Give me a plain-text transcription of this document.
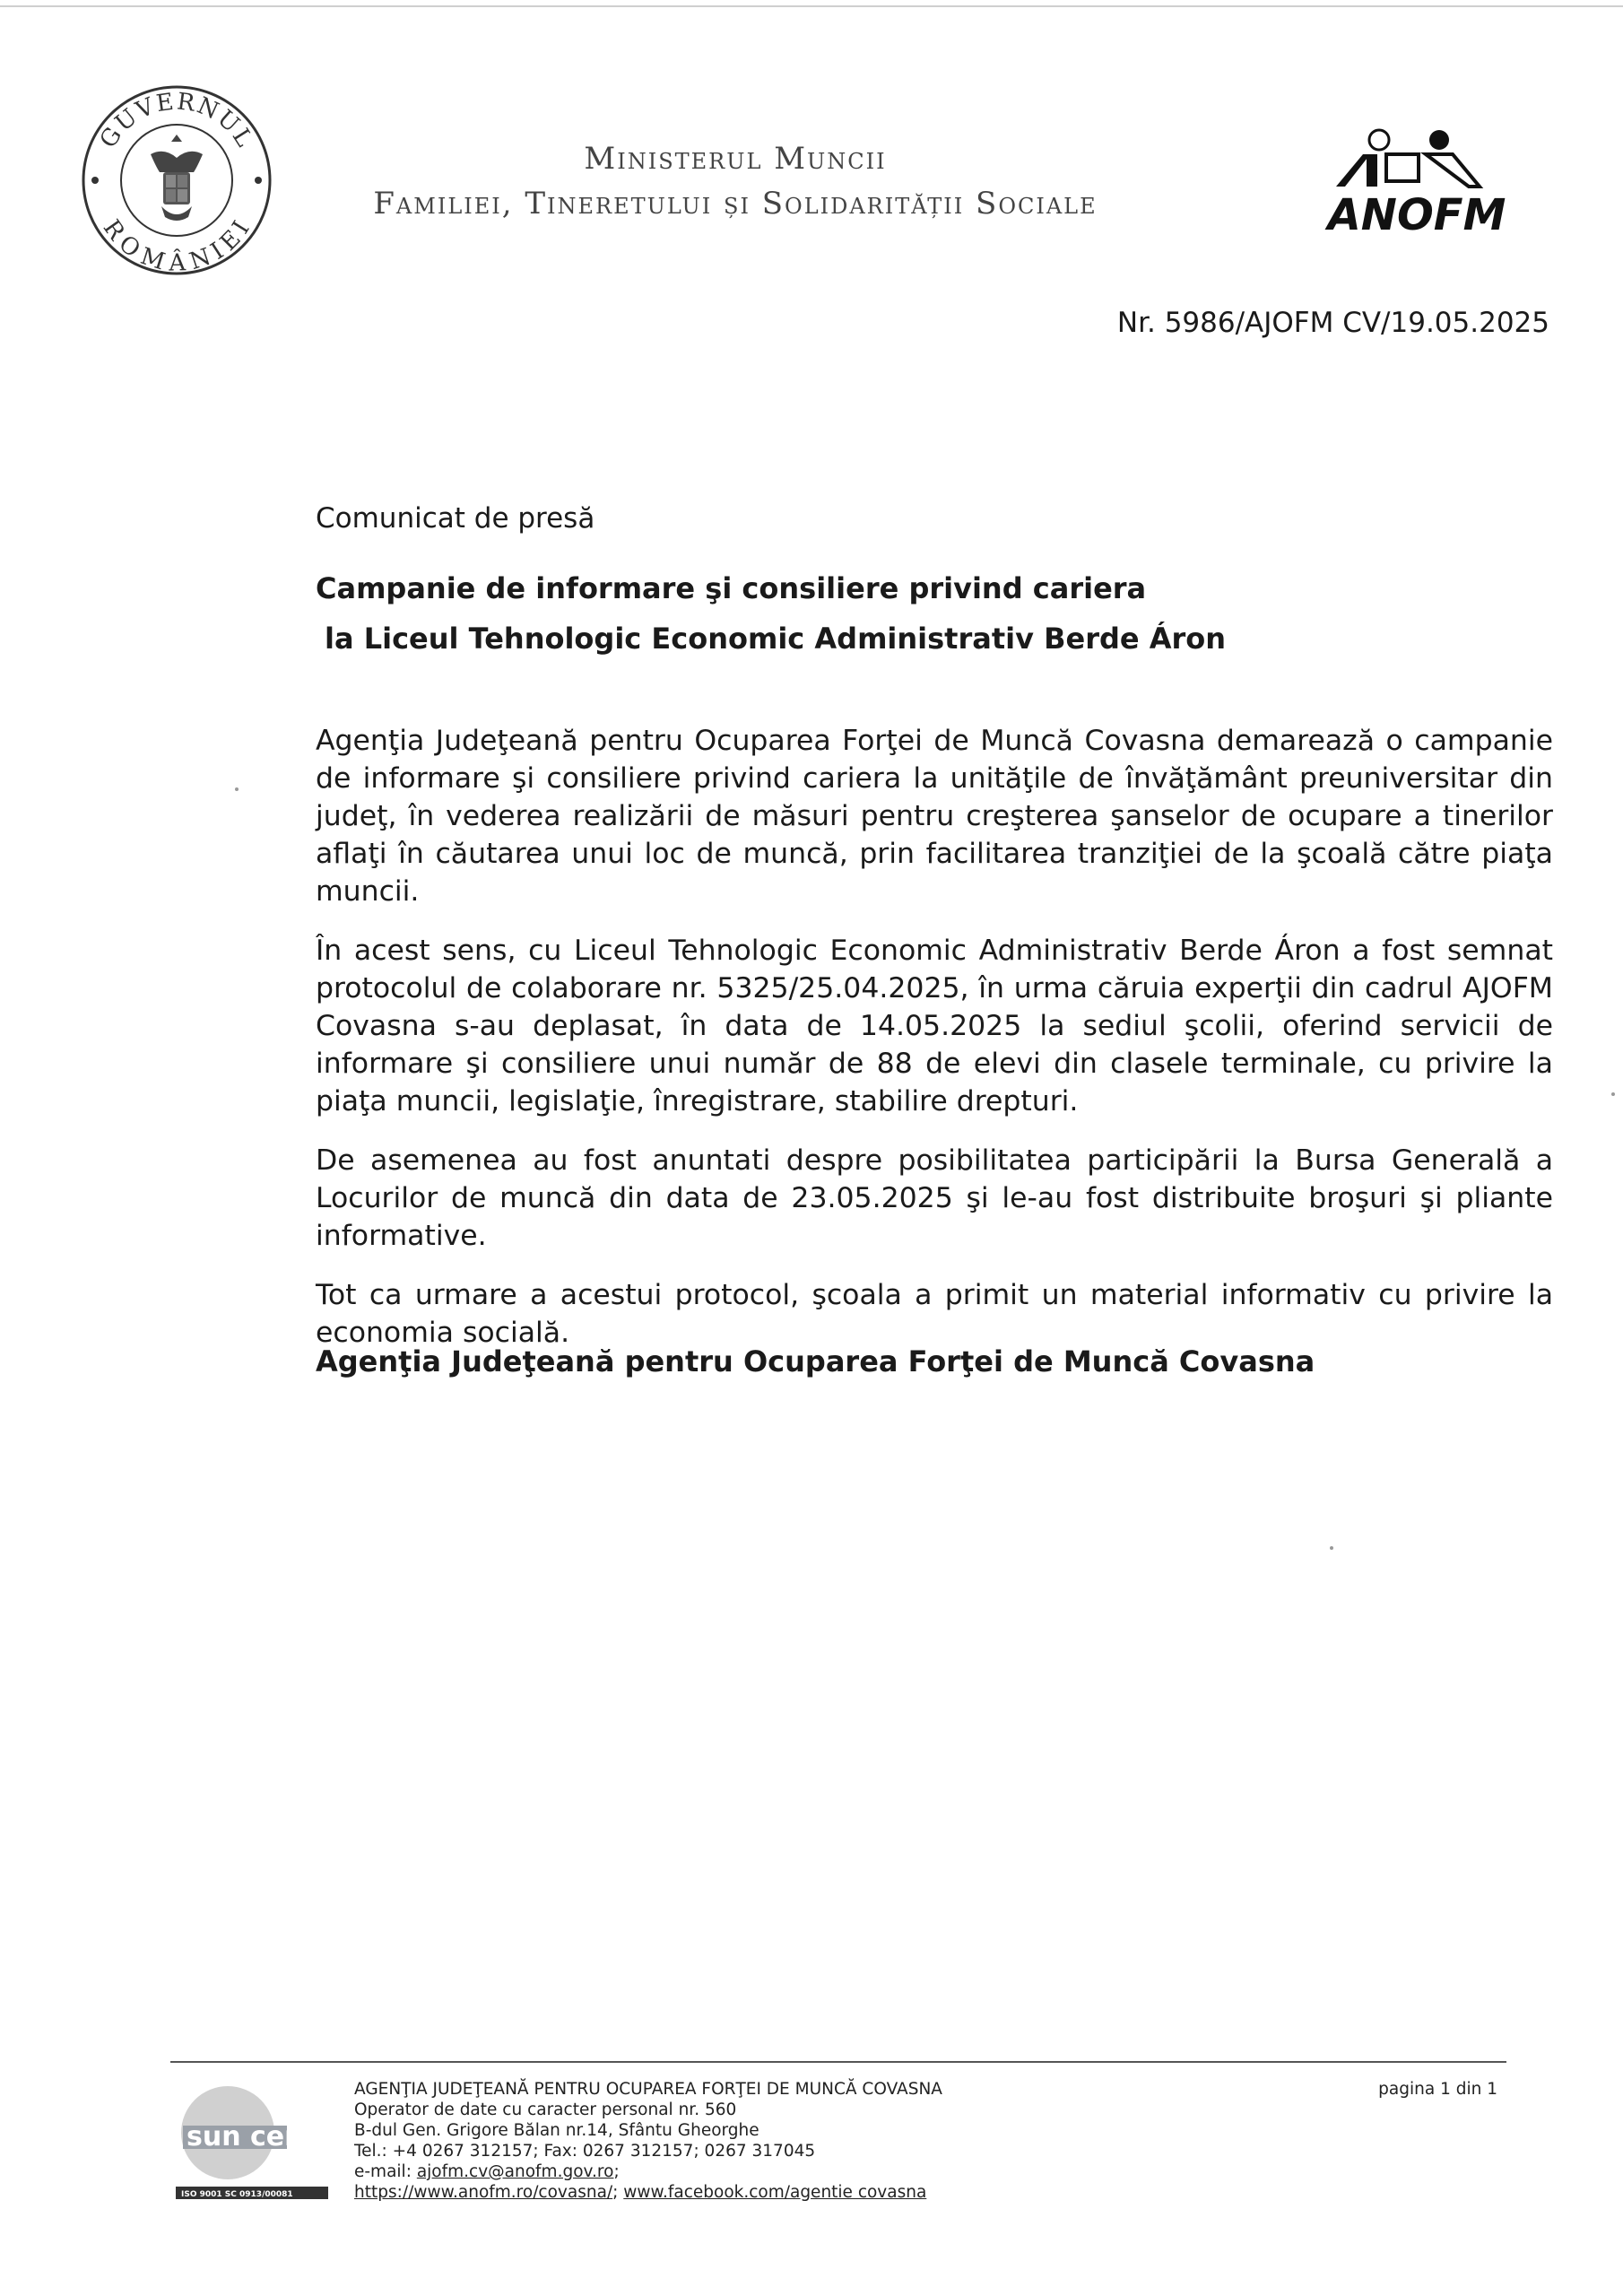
GUVERNUL
ROMÂNIEI
Ministerul Muncii
Familiei, Tineretului și Solidarității Sociale	ANOFM
Nr. 5986/AJOFM CV/19.05.2025
Comunicat de presă
Campanie de informare şi consiliere privind cariera
la Liceul Tehnologic Economic Administrativ Berde Áron

Agenţia Judeţeană pentru Ocuparea Forţei de Muncă Covasna demarează o campanie de informare şi consiliere privind cariera la unităţile de învăţământ preuniversitar din judeţ, în vederea realizării de măsuri pentru creşterea şanselor de ocupare a tinerilor aflaţi în căutarea unui loc de muncă, prin facilitarea tranziţiei de la şcoală către piaţa muncii.

În acest sens, cu Liceul Tehnologic Economic Administrativ Berde Áron a fost semnat protocolul de colaborare nr. 5325/25.04.2025, în urma căruia experţii din cadrul AJOFM Covasna s-au deplasat, în data de 14.05.2025 la sediul şcolii, oferind servicii de informare şi consiliere unui număr de 88 de elevi din clasele terminale, cu privire la piaţa muncii, legislaţie, înregistrare, stabilire drepturi.

De asemenea au fost anuntati despre posibilitatea participării la Bursa Generală a Locurilor de muncă din data de 23.05.2025 şi le-au fost distribuite broşuri şi pliante informative.

Tot ca urmare a acestui protocol, şcoala a primit un material informativ cu privire la economia socială.

Agenţia Judeţeană pentru Ocuparea Forţei de Muncă Covasna
sun cert
ISO 9001 SC 0913/00081
AGENŢIA JUDEŢEANĂ PENTRU OCUPAREA FORŢEI DE MUNCĂ COVASNA
Operator de date cu caracter personal nr. 560
B-dul Gen. Grigore Bălan nr.14, Sfântu Gheorghe
Tel.: +4 0267 312157; Fax: 0267 312157; 0267 317045
e-mail: ajofm.cv@anofm.gov.ro;
https://www.anofm.ro/covasna/; www.facebook.com/agentie covasna
pagina 1 din 1
